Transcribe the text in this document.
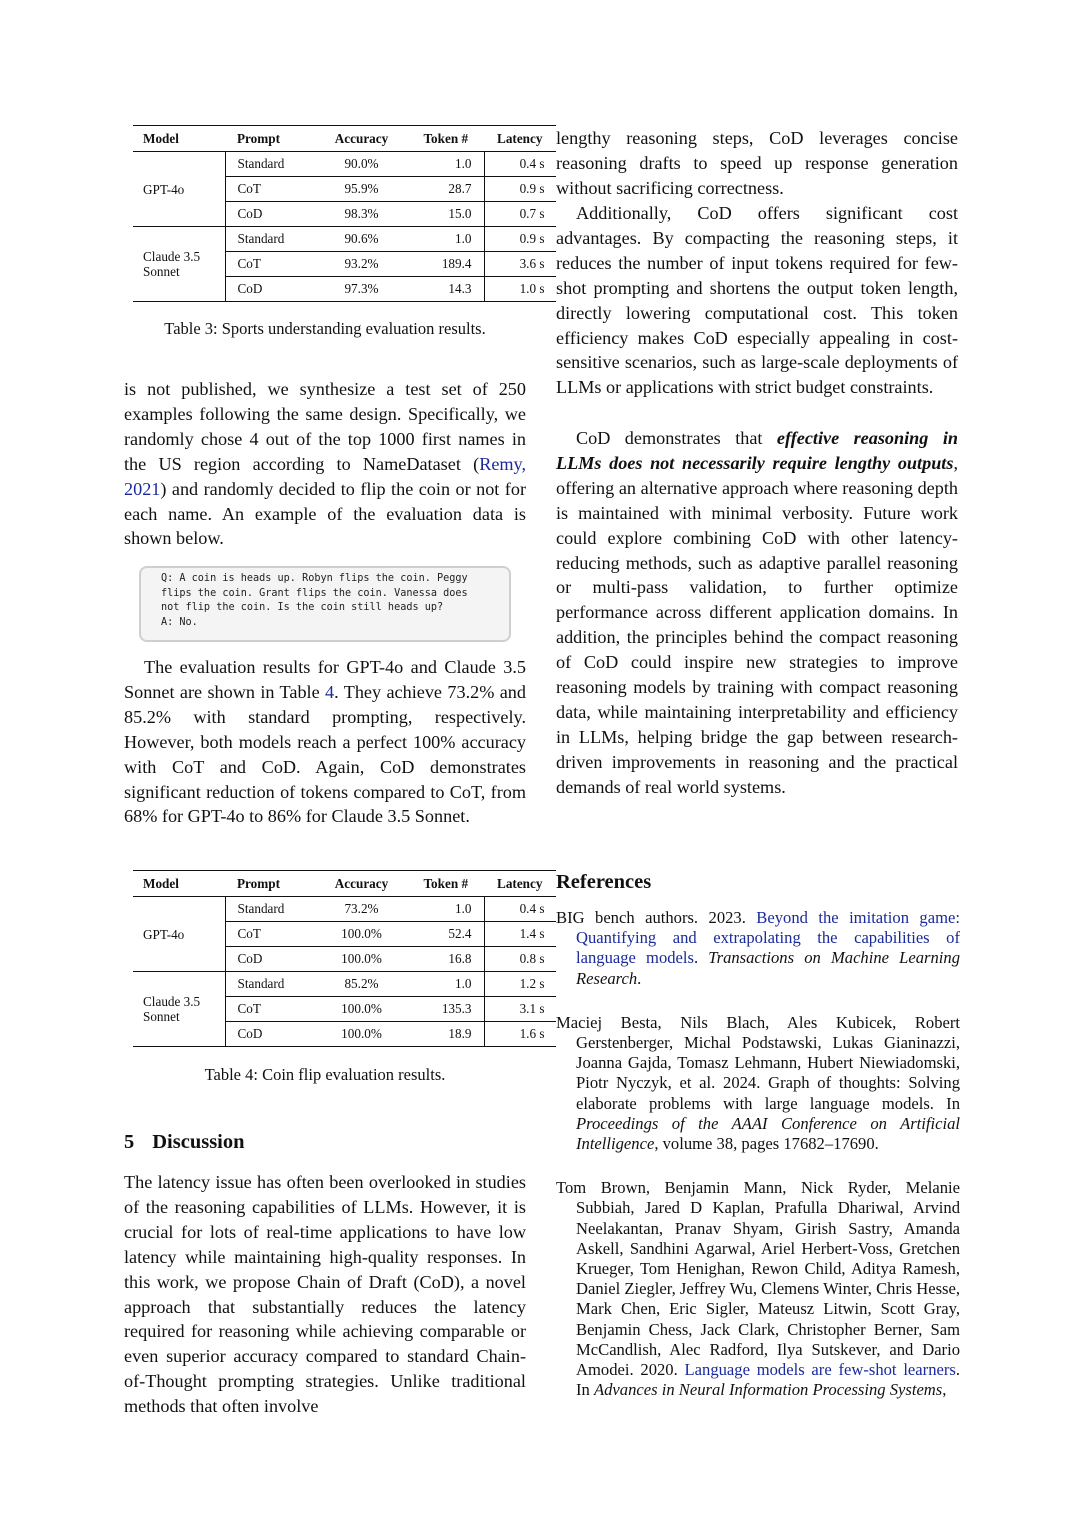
Model	Prompt	Accuracy	Token #	Latency
GPT-4o	Standard	90.0%	1.0	0.4 s
	CoT	95.9%	28.7	0.9 s
	CoD	98.3%	15.0	0.7 s
Claude 3.5 Sonnet	Standard	90.6%	1.0	0.9 s
	CoT	93.2%	189.4	3.6 s
	CoD	97.3%	14.3	1.0 s
Table 3: Sports understanding evaluation results.

is not published, we synthesize a test set of 250 examples following the same design. Specifically, we randomly chose 4 out of the top 1000 first names in the US region according to NameDataset (Remy, 2021) and randomly decided to flip the coin or not for each name. An example of the evaluation data is shown below.

Q: A coin is heads up. Robyn flips the coin. Peggy
flips the coin. Grant flips the coin. Vanessa does
not flip the coin. Is the coin still heads up?
A: No.

The evaluation results for GPT-4o and Claude 3.5 Sonnet are shown in Table 4. They achieve 73.2% and 85.2% with standard prompting, respectively. However, both models reach a perfect 100% accuracy with CoT and CoD. Again, CoD demonstrates significant reduction of tokens compared to CoT, from 68% for GPT-4o to 86% for Claude 3.5 Sonnet.

Model	Prompt	Accuracy	Token #	Latency
GPT-4o	Standard	73.2%	1.0	0.4 s
	CoT	100.0%	52.4	1.4 s
	CoD	100.0%	16.8	0.8 s
Claude 3.5 Sonnet	Standard	85.2%	1.0	1.2 s
	CoT	100.0%	135.3	3.1 s
	CoD	100.0%	18.9	1.6 s
Table 4: Coin flip evaluation results.
5 Discussion

The latency issue has often been overlooked in studies of the reasoning capabilities of LLMs. However, it is crucial for lots of real-time applications to have low latency while maintaining high-quality responses. In this work, we propose Chain of Draft (CoD), a novel approach that substantially reduces the latency required for reasoning while achieving comparable or even superior accuracy compared to standard Chain-of-Thought prompting strategies. Unlike traditional methods that often involve

lengthy reasoning steps, CoD leverages concise reasoning drafts to speed up response generation without sacrificing correctness.

Additionally, CoD offers significant cost advantages. By compacting the reasoning steps, it reduces the number of input tokens required for few-shot prompting and shortens the output token length, directly lowering computational cost. This token efficiency makes CoD especially appealing in cost-sensitive scenarios, such as large-scale deployments of LLMs or applications with strict budget constraints.

CoD demonstrates that effective reasoning in LLMs does not necessarily require lengthy outputs, offering an alternative approach where reasoning depth is maintained with minimal verbosity. Future work could explore combining CoD with other latency-reducing methods, such as adaptive parallel reasoning or multi-pass validation, to further optimize performance across different application domains. In addition, the principles behind the compact reasoning of CoD could inspire new strategies to improve reasoning models by training with compact reasoning data, while maintaining interpretability and efficiency in LLMs, helping bridge the gap between research-driven improvements in reasoning and the practical demands of real world systems.

References

BIG bench authors. 2023. Beyond the imitation game: Quantifying and extrapolating the capabilities of language models. Transactions on Machine Learning Research.

Maciej Besta, Nils Blach, Ales Kubicek, Robert Gerstenberger, Michal Podstawski, Lukas Gianinazzi, Joanna Gajda, Tomasz Lehmann, Hubert Niewiadomski, Piotr Nyczyk, et al. 2024. Graph of thoughts: Solving elaborate problems with large language models. In Proceedings of the AAAI Conference on Artificial Intelligence, volume 38, pages 17682–17690.

Tom Brown, Benjamin Mann, Nick Ryder, Melanie Subbiah, Jared D Kaplan, Prafulla Dhariwal, Arvind Neelakantan, Pranav Shyam, Girish Sastry, Amanda Askell, Sandhini Agarwal, Ariel Herbert-Voss, Gretchen Krueger, Tom Henighan, Rewon Child, Aditya Ramesh, Daniel Ziegler, Jeffrey Wu, Clemens Winter, Chris Hesse, Mark Chen, Eric Sigler, Mateusz Litwin, Scott Gray, Benjamin Chess, Jack Clark, Christopher Berner, Sam McCandlish, Alec Radford, Ilya Sutskever, and Dario Amodei. 2020. Language models are few-shot learners. In Advances in Neural Information Processing Systems,
